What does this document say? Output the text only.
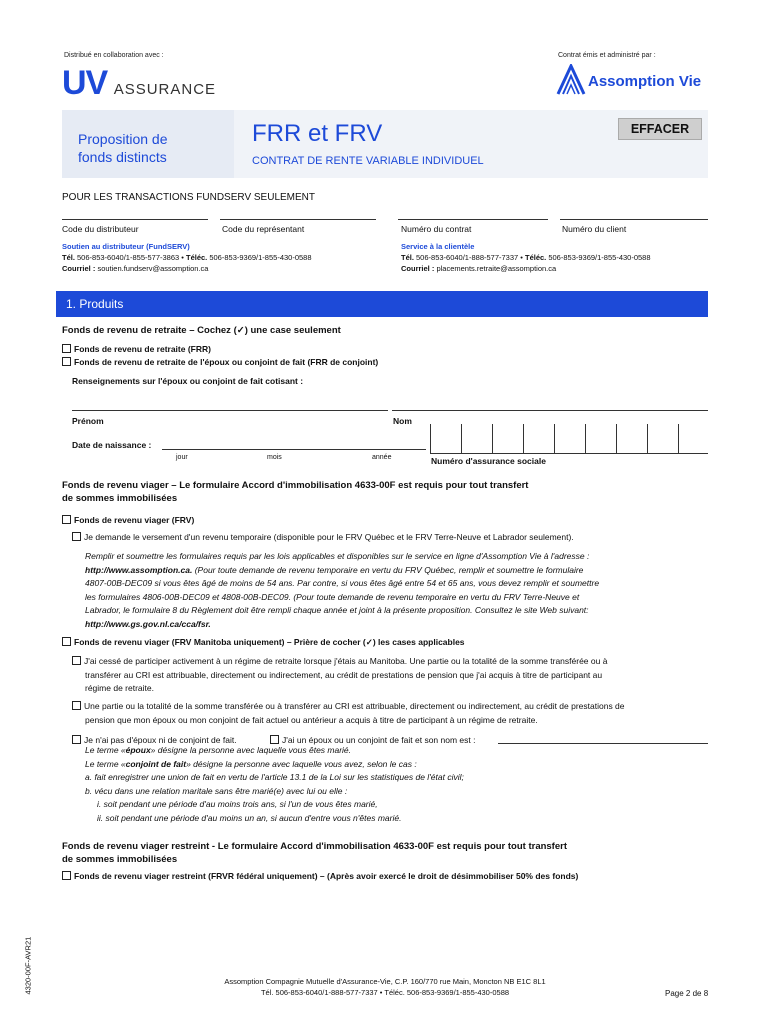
Distribué en collaboration avec :
UV ASSURANCE
Contrat émis et administré par :
Assomption Vie
Proposition de
fonds distincts
FRR et FRV
CONTRAT DE RENTE VARIABLE INDIVIDUEL
EFFACER
POUR LES TRANSACTIONS FUNDSERV SEULEMENT
Code du distributeur	Code du représentant	Numéro du contrat	Numéro du client
Soutien au distributeur (FundSERV)
Tél. 506-853-6040/1-855-577-3863 • Téléc. 506-853-9369/1-855-430-0588
Courriel : soutien.fundserv@assomption.ca
Service à la clientèle
Tél. 506-853-6040/1-888-577-7337 • Téléc. 506-853-9369/1-855-430-0588
Courriel : placements.retraite@assomption.ca
1. Produits
Fonds de revenu de retraite – Cochez (✓) une case seulement
Fonds de revenu de retraite (FRR)
Fonds de revenu de retraite de l'époux ou conjoint de fait (FRR de conjoint)
Renseignements sur l'époux ou conjoint de fait cotisant :
Prénom	Nom
Date de naissance :
jour	mois	année	Numéro d'assurance sociale
Fonds de revenu viager – Le formulaire Accord d'immobilisation 4633-00F est requis pour tout transfert
de sommes immobilisées
Fonds de revenu viager (FRV)
Je demande le versement d'un revenu temporaire (disponible pour le FRV Québec et le FRV Terre-Neuve et Labrador seulement).
Remplir et soumettre les formulaires requis par les lois applicables et disponibles sur le service en ligne d'Assomption Vie à l'adresse :
http://www.assomption.ca. (Pour toute demande de revenu temporaire en vertu du FRV Québec, remplir et soumettre le formulaire
4807-00B-DEC09 si vous êtes âgé de moins de 54 ans. Par contre, si vous êtes âgé entre 54 et 65 ans, vous devez remplir et soumettre
les formulaires 4806-00B-DEC09 et 4808-00B-DEC09. (Pour toute demande de revenu temporaire en vertu du FRV Terre-Neuve et
Labrador, le formulaire 8 du Règlement doit être rempli chaque année et joint à la présente proposition. Consultez le site Web suivant:
http://www.gs.gov.nl.ca/cca/fsr.
Fonds de revenu viager (FRV Manitoba uniquement) – Prière de cocher (✓) les cases applicables
J'ai cessé de participer activement à un régime de retraite lorsque j'étais au Manitoba. Une partie ou la totalité de la somme transférée ou à
transférer au CRI est attribuable, directement ou indirectement, au crédit de prestations de pension que j'ai acquis à titre de participant au
régime de retraite.
Une partie ou la totalité de la somme transférée ou à transférer au CRI est attribuable, directement ou indirectement, au crédit de prestations de
pension que mon époux ou mon conjoint de fait actuel ou antérieur a acquis à titre de participant à un régime de retraite.
Je n'ai pas d'époux ni de conjoint de fait.	J'ai un époux ou un conjoint de fait et son nom est :
Le terme «époux» désigne la personne avec laquelle vous êtes marié.
Le terme «conjoint de fait» désigne la personne avec laquelle vous avez, selon le cas :
a. fait enregistrer une union de fait en vertu de l'article 13.1 de la Loi sur les statistiques de l'état civil;
b. vécu dans une relation maritale sans être marié(e) avec lui ou elle :
i. soit pendant une période d'au moins trois ans, si l'un de vous êtes marié,
ii. soit pendant une période d'au moins un an, si aucun d'entre vous n'êtes marié.
Fonds de revenu viager restreint - Le formulaire Accord d'immobilisation 4633-00F est requis pour tout transfert
de sommes immobilisées
Fonds de revenu viager restreint (FRVR fédéral uniquement) – (Après avoir exercé le droit de désimmobiliser 50% des fonds)
Assomption Compagnie Mutuelle d'Assurance-Vie, C.P. 160/770 rue Main, Moncton NB E1C 8L1
Tél. 506-853-6040/1-888-577-7337 • Téléc. 506-853-9369/1-855-430-0588	Page 2 de 8
4320-00F-AVR21
